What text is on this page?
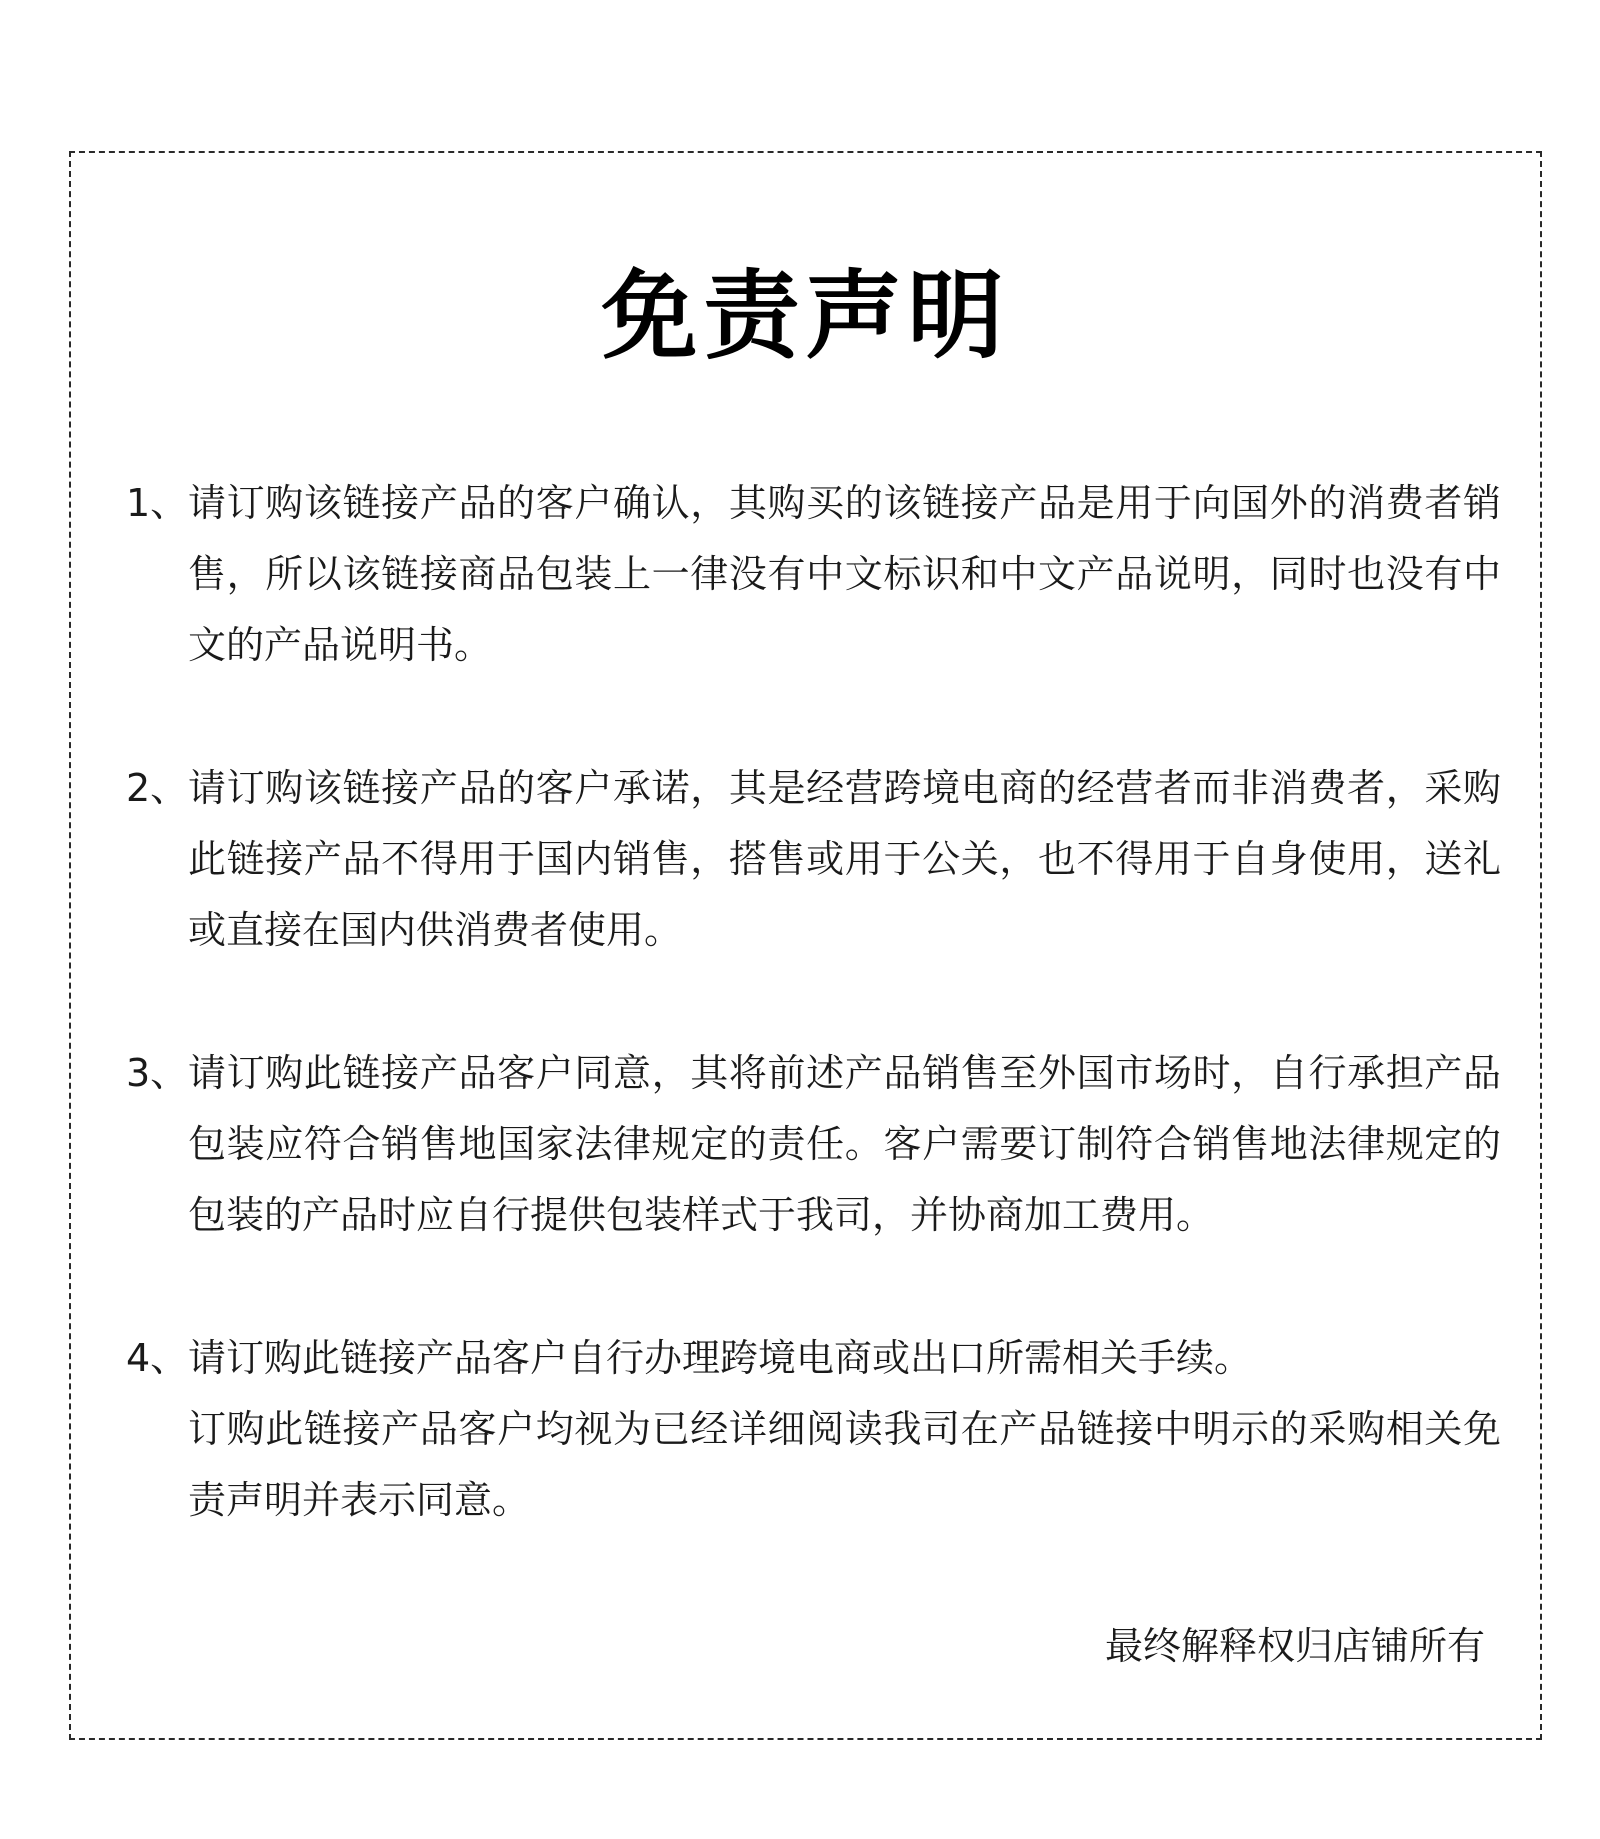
免责声明
1、 请订购该链接产品的客户确认，其购买的该链接产品是用于向国外的消费者销售，所以该链接商品包装上一律没有中文标识和中文产品说明，同时也没有中文的产品说明书。

2、 请订购该链接产品的客户承诺，其是经营跨境电商的经营者而非消费者，采购此链接产品不得用于国内销售，搭售或用于公关，也不得用于自身使用，送礼或直接在国内供消费者使用。

3、 请订购此链接产品客户同意，其将前述产品销售至外国市场时，自行承担产品包装应符合销售地国家法律规定的责任。客户需要订制符合销售地法律规定的包装的产品时应自行提供包装样式于我司，并协商加工费用。

4、 请订购此链接产品客户自行办理跨境电商或出口所需相关手续。

订购此链接产品客户均视为已经详细阅读我司在产品链接中明示的采购相关免责声明并表示同意。

最终解释权归店铺所有
